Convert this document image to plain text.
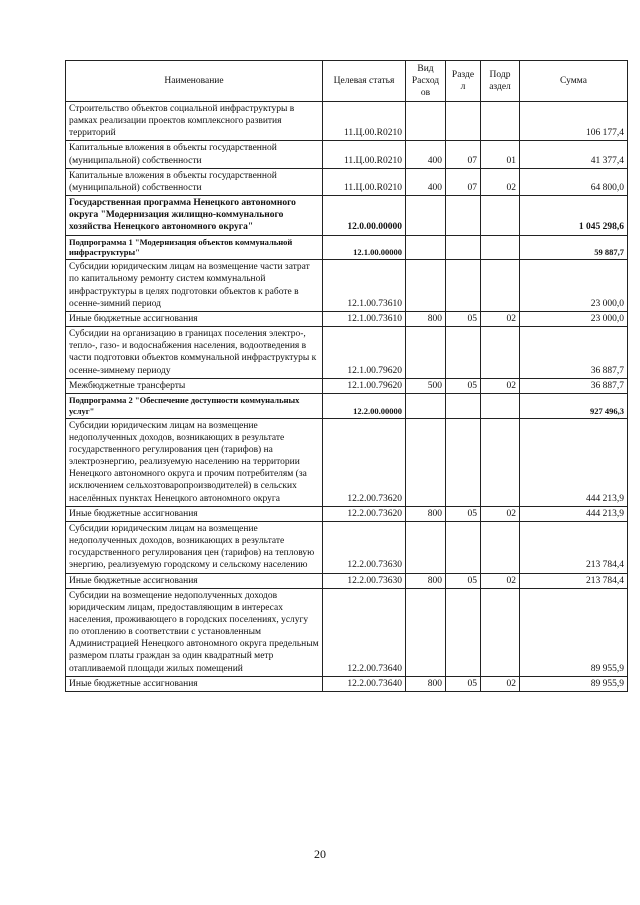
Наименование	Целевая статья	Вид Расход ов	Разде л	Подр аздел	Сумма
Строительство объектов социальной инфраструктуры в рамках реализации проектов комплексного развития территорий	11.Ц.00.R0210				106 177,4
Капитальные вложения в объекты государственной (муниципальной) собственности	11.Ц.00.R0210	400	07	01	41 377,4
Капитальные вложения в объекты государственной (муниципальной) собственности	11.Ц.00.R0210	400	07	02	64 800,0
Государственная программа Ненецкого автономного округа "Модернизация жилищно-коммунального хозяйства Ненецкого автономного округа"	12.0.00.00000				1 045 298,6
Подпрограмма 1 "Модернизация объектов коммунальной инфраструктуры"	12.1.00.00000				59 887,7
Субсидии юридическим лицам на возмещение части затрат по капитальному ремонту систем коммунальной инфраструктуры в целях подготовки объектов к работе в осенне-зимний период	12.1.00.73610				23 000,0
Иные бюджетные ассигнования	12.1.00.73610	800	05	02	23 000,0
Субсидии на организацию в границах поселения электро-, тепло-, газо- и водоснабжения населения, водоотведения в части подготовки объектов коммунальной инфраструктуры к осенне-зимнему периоду	12.1.00.79620				36 887,7
Межбюджетные трансферты	12.1.00.79620	500	05	02	36 887,7
Подпрограмма 2 "Обеспечение доступности коммунальных услуг"	12.2.00.00000				927 496,3
Субсидии юридическим лицам на возмещение недополученных доходов, возникающих в результате государственного регулирования цен (тарифов) на электроэнергию, реализуемую населению на территории Ненецкого автономного округа и прочим потребителям (за исключением сельхозтоваропроизводителей) в сельских населённых пунктах Ненецкого автономного округа	12.2.00.73620				444 213,9
Иные бюджетные ассигнования	12.2.00.73620	800	05	02	444 213,9
Субсидии юридическим лицам на возмещение недополученных доходов, возникающих в результате государственного регулирования цен (тарифов) на тепловую энергию, реализуемую городскому и сельскому населению	12.2.00.73630				213 784,4
Иные бюджетные ассигнования	12.2.00.73630	800	05	02	213 784,4
Субсидии на возмещение недополученных доходов юридическим лицам, предоставляющим в интересах населения, проживающего в городских поселениях, услугу по отоплению в соответствии с установленным Администрацией Ненецкого автономного округа предельным размером платы граждан за один квадратный метр отапливаемой площади жилых помещений	12.2.00.73640				89 955,9
Иные бюджетные ассигнования	12.2.00.73640	800	05	02	89 955,9
20
